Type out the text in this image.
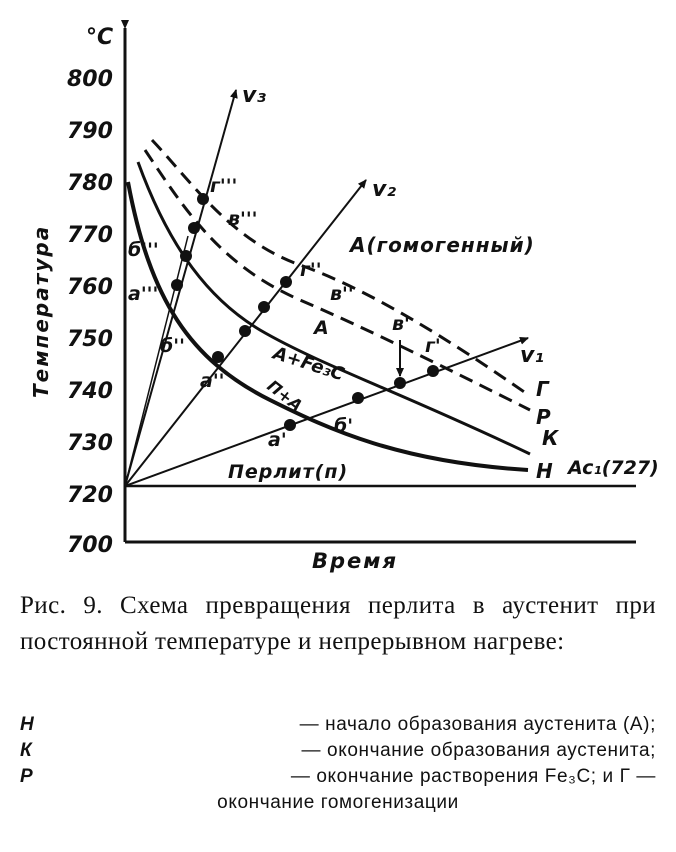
°C
800
790
780
770
760
750
740
730
720
700
Температура
Время
а'
б'
в'
г'
а''
б''
в''
г''
а'''
б'''
в'''
г'''
v₃
v₂
v₁
Г
Р
К
Н Ac₁(727)
А(гомогенный)
А+Fe₃C
А
П+А
Перлит(п)
Рис. 9. Схема превращения перлита в аустенит при постоянной температуре и непрерывном нагреве:
Н	— начало образования аустенита (А);
К	— окончание образования аустенита;
Р	— окончание растворения Fe₃C; и Г —
окончание гомогенизации
